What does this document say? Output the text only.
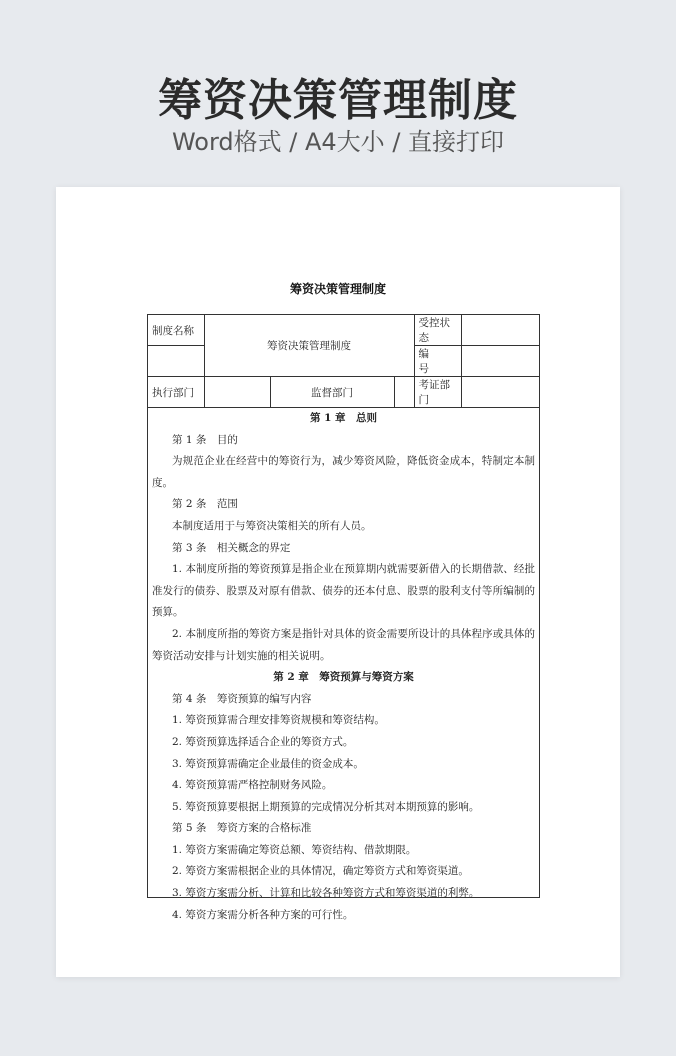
筹资决策管理制度
Word格式 / A4大小 / 直接打印
筹资决策管理制度
制度名称	筹资决策管理制度			受控状态	
				编　　号	
执行部门		监督部门		考证部门	
第 1 章　总则
第 1 条　目的
为规范企业在经营中的筹资行为，减少筹资风险，降低资金成本，特制定本制度。
第 2 条　范围
本制度适用于与筹资决策相关的所有人员。
第 3 条　相关概念的界定
1. 本制度所指的筹资预算是指企业在预算期内就需要新借入的长期借款、经批准发行的债券、股票及对原有借款、债券的还本付息、股票的股利支付等所编制的预算。
2. 本制度所指的筹资方案是指针对具体的资金需要所设计的具体程序或具体的筹资活动安排与计划实施的相关说明。
第 2 章　筹资预算与筹资方案
第 4 条　筹资预算的编写内容
1. 筹资预算需合理安排筹资规模和筹资结构。
2. 筹资预算选择适合企业的筹资方式。
3. 筹资预算需确定企业最佳的资金成本。
4. 筹资预算需严格控制财务风险。
5. 筹资预算要根据上期预算的完成情况分析其对本期预算的影响。
第 5 条　筹资方案的合格标准
1. 筹资方案需确定筹资总额、筹资结构、借款期限。
2. 筹资方案需根据企业的具体情况，确定筹资方式和筹资渠道。
3. 筹资方案需分析、计算和比较各种筹资方式和筹资渠道的利弊。
4. 筹资方案需分析各种方案的可行性。
